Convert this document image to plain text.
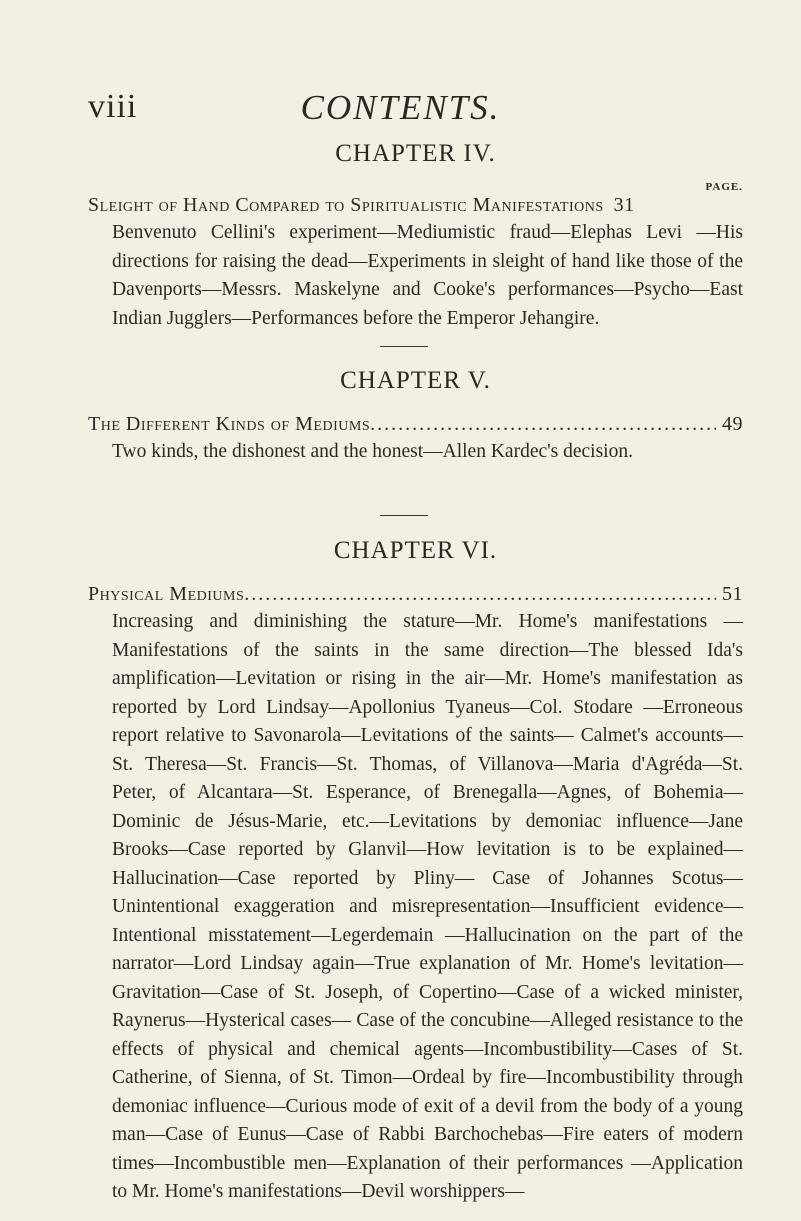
viii	CONTENTS.

CHAPTER IV.

PAGE.

Sleight of Hand Compared to Spiritualistic Manifestations 31

Benvenuto Cellini's experiment—Mediumistic fraud—Elephas Levi —His directions for raising the dead—Experiments in sleight of hand like those of the Davenports—Messrs. Maskelyne and Cooke's performances—Psycho—East Indian Jugglers—Performances before the Emperor Jehangire.

CHAPTER V.

The Different Kinds of Mediums .....	49

Two kinds, the dishonest and the honest—Allen Kardec's decision.

CHAPTER VI.

Physical Mediums .....	51

Increasing and diminishing the stature—Mr. Home's manifestations —Manifestations of the saints in the same direction—The blessed Ida's amplification—Levitation or rising in the air—Mr. Home's manifestation as reported by Lord Lindsay—Apollonius Tyaneus—Col. Stodare —Erroneous report relative to Savonarola—Levitations of the saints— Calmet's accounts—St. Theresa—St. Francis—St. Thomas, of Villanova—Maria d'Agréda—St. Peter, of Alcantara—St. Esperance, of Brenegalla—Agnes, of Bohemia—Dominic de Jésus-Marie, etc.—Levitations by demoniac influence—Jane Brooks—Case reported by Glanvil—How levitation is to be explained—Hallucination—Case reported by Pliny— Case of Johannes Scotus—Unintentional exaggeration and misrepresentation—Insufficient evidence—Intentional misstatement—Legerdemain —Hallucination on the part of the narrator—Lord Lindsay again—True explanation of Mr. Home's levitation—Gravitation—Case of St. Joseph, of Copertino—Case of a wicked minister, Raynerus—Hysterical cases— Case of the concubine—Alleged resistance to the effects of physical and chemical agents—Incombustibility—Cases of St. Catherine, of Sienna, of St. Timon—Ordeal by fire—Incombustibility through demoniac influence—Curious mode of exit of a devil from the body of a young man—Case of Eunus—Case of Rabbi Barchochebas—Fire eaters of modern times—Incombustible men—Explanation of their performances —Application to Mr. Home's manifestations—Devil worshippers—
